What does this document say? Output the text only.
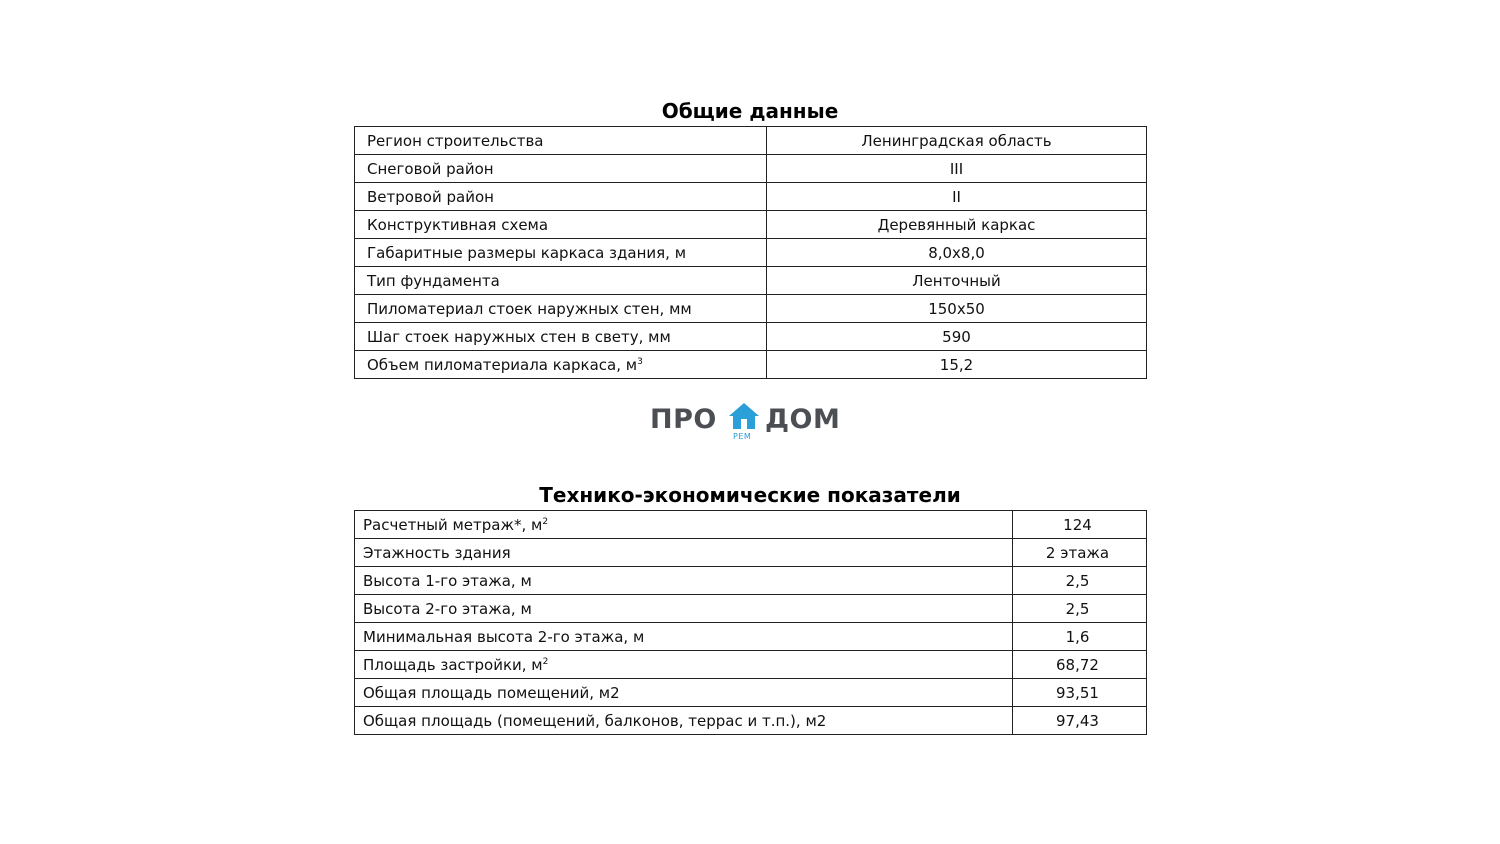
Общие данные
Регион строительства	Ленинградская область
Снеговой район	III
Ветровой район	II
Конструктивная схема	Деревянный каркас
Габаритные размеры каркаса здания, м	8,0х8,0
Тип фундамента	Ленточный
Пиломатериал стоек наружных стен, мм	150х50
Шаг стоек наружных стен в свету, мм	590
Объем пиломатериала каркаса, $м^3$	15,2
ПРО
РЕМ
ДОМ
Технико-экономические показатели
Расчетный метраж*, $м^2$	124
Этажность здания	2 этажа
Высота 1-го этажа, м	2,5
Высота 2-го этажа, м	2,5
Минимальная высота 2-го этажа, м	1,6
Площадь застройки, $м^2$	68,72
Общая площадь помещений, м2	93,51
Общая площадь (помещений, балконов, террас и т.п.), м2	97,43
